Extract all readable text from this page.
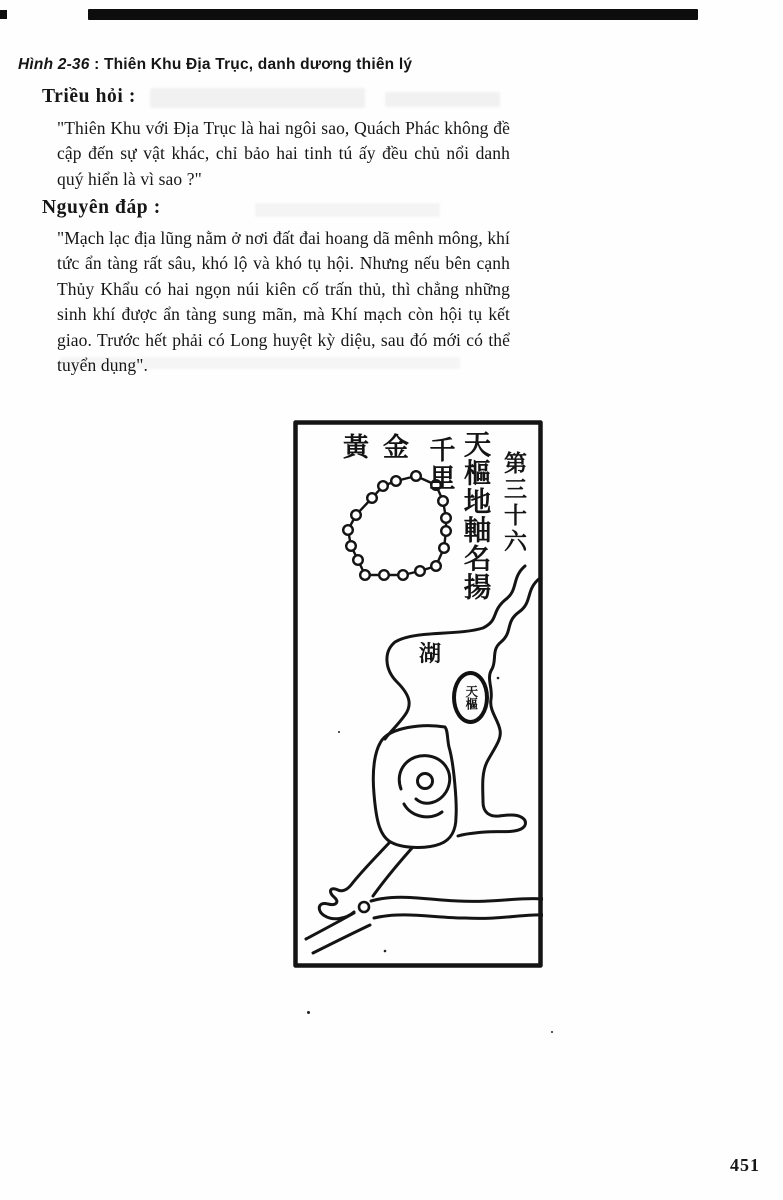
Hình 2-36 : Thiên Khu Địa Trục, danh dương thiên lý

Triều hỏi :

"Thiên Khu với Địa Trục là hai ngôi sao, Quách Phác không đề cập đến sự vật khác, chỉ bảo hai tinh tú ấy đều chủ nổi danh quý hiển là vì sao ?"

Nguyên đáp :

"Mạch lạc địa lũng nằm ở nơi đất đai hoang dã mênh mông, khí tức ẩn tàng rất sâu, khó lộ và khó tụ hội. Nhưng nếu bên cạnh Thủy Khẩu có hai ngọn núi kiên cố trấn thủ, thì chẳng những sinh khí được ẩn tàng sung mãn, mà Khí mạch còn hội tụ kết giao. Trước hết phải có Long huyệt kỳ diệu, sau đó mới có thể tuyển dụng".

第三十六
天樞地軸名揚
千里
黃金
湖
天樞
451
